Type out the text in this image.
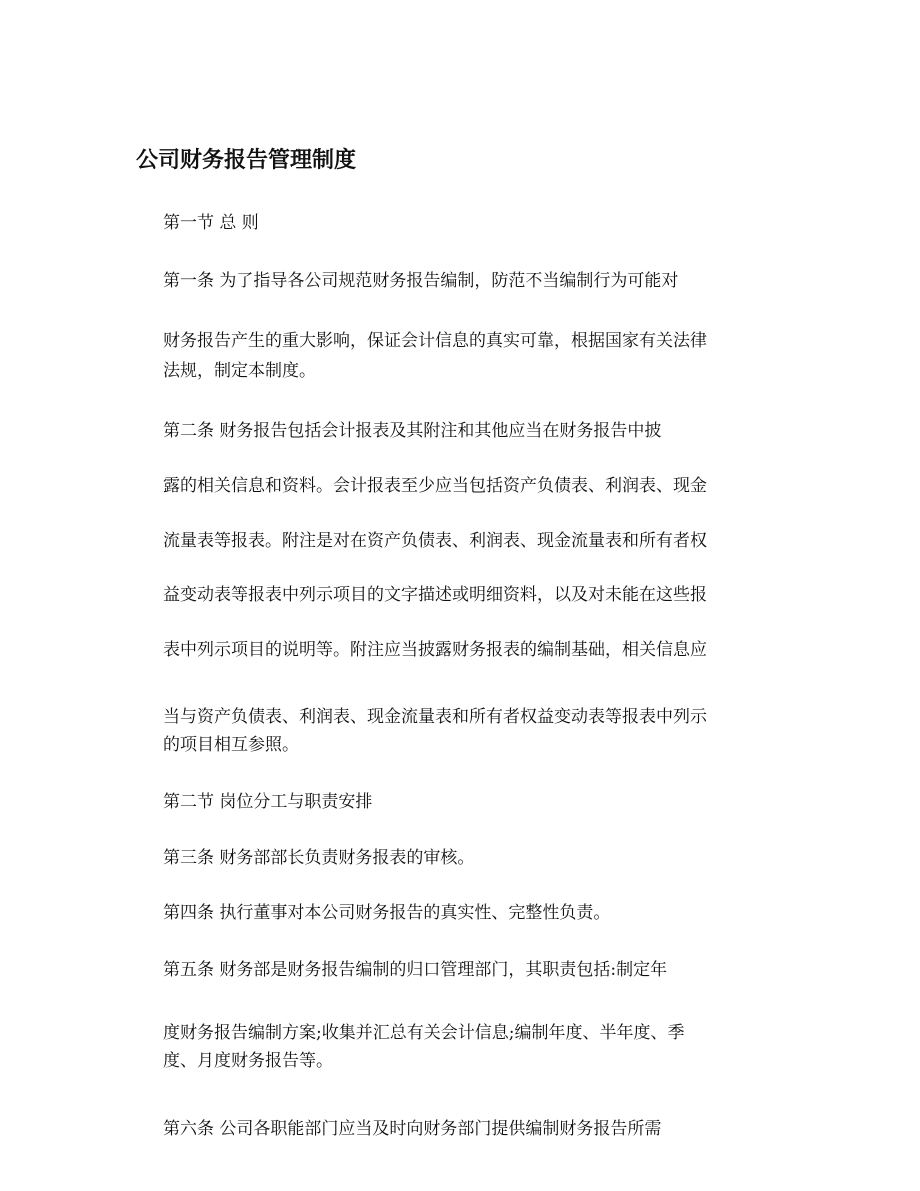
公司财务报告管理制度
第一节 总 则
第一条 为了指导各公司规范财务报告编制，防范不当编制行为可能对
财务报告产生的重大影响，保证会计信息的真实可靠，根据国家有关法律
法规，制定本制度。
第二条 财务报告包括会计报表及其附注和其他应当在财务报告中披
露的相关信息和资料。会计报表至少应当包括资产负债表、利润表、现金
流量表等报表。附注是对在资产负债表、利润表、现金流量表和所有者权
益变动表等报表中列示项目的文字描述或明细资料，以及对未能在这些报
表中列示项目的说明等。附注应当披露财务报表的编制基础，相关信息应
当与资产负债表、利润表、现金流量表和所有者权益变动表等报表中列示
的项目相互参照。
第二节 岗位分工与职责安排
第三条 财务部部长负责财务报表的审核。
第四条 执行董事对本公司财务报告的真实性、完整性负责。
第五条 财务部是财务报告编制的归口管理部门，其职责包括:制定年
度财务报告编制方案;收集并汇总有关会计信息;编制年度、半年度、季
度、月度财务报告等。
第六条 公司各职能部门应当及时向财务部门提供编制财务报告所需
